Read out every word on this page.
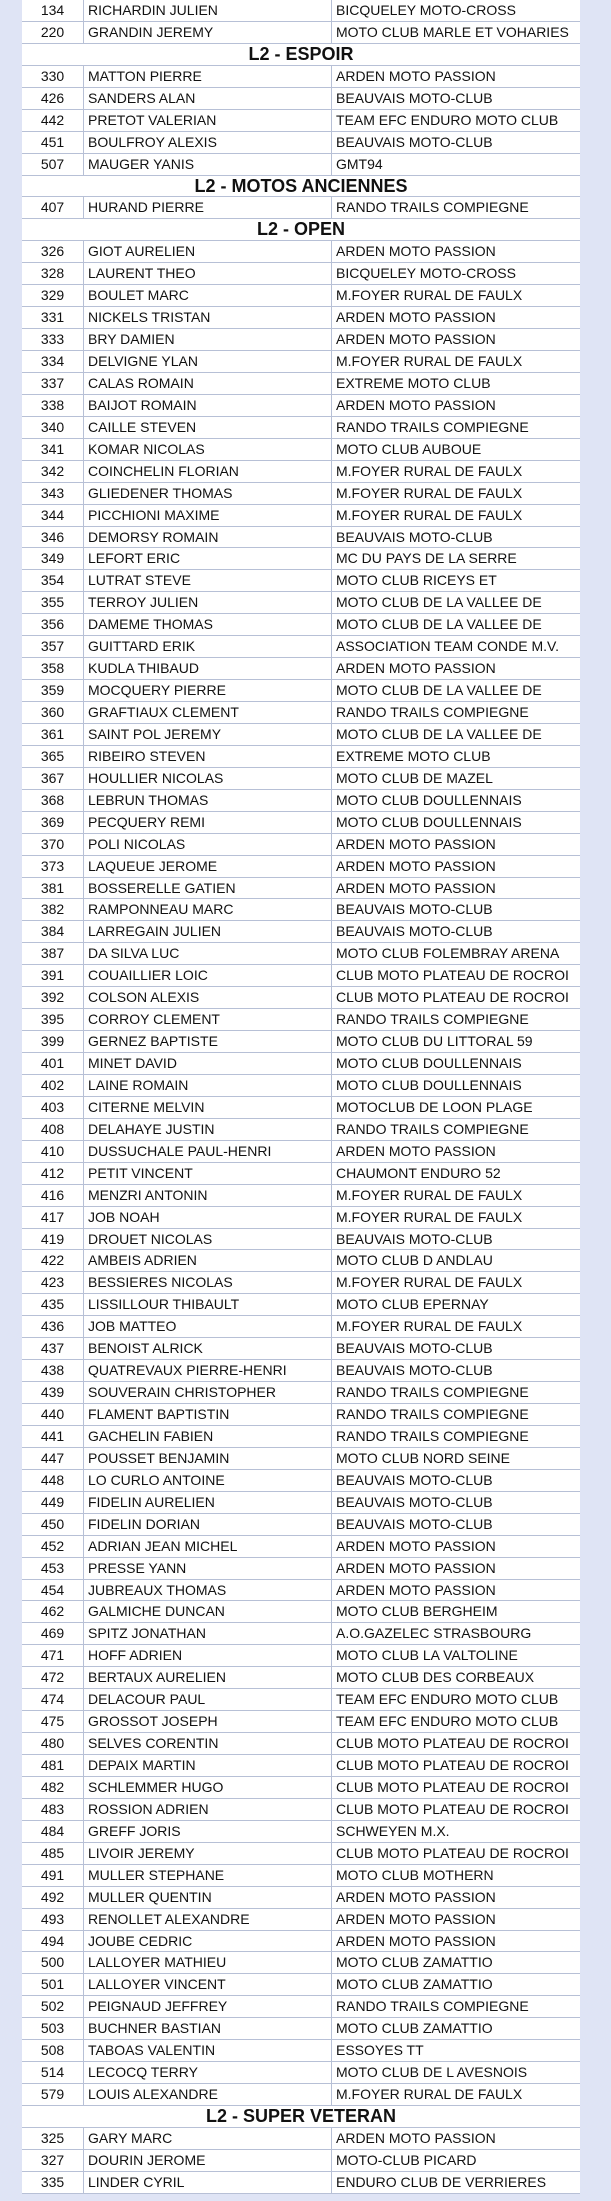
134	RICHARDIN JULIEN	BICQUELEY MOTO-CROSS
220	GRANDIN JEREMY	MOTO CLUB MARLE ET VOHARIES
L2 - ESPOIR
330	MATTON PIERRE	ARDEN MOTO PASSION
426	SANDERS ALAN	BEAUVAIS MOTO-CLUB
442	PRETOT VALERIAN	TEAM EFC ENDURO MOTO CLUB
451	BOULFROY ALEXIS	BEAUVAIS MOTO-CLUB
507	MAUGER YANIS	GMT94
L2 - MOTOS ANCIENNES
407	HURAND PIERRE	RANDO TRAILS COMPIEGNE
L2 - OPEN
326	GIOT AURELIEN	ARDEN MOTO PASSION
328	LAURENT THEO	BICQUELEY MOTO-CROSS
329	BOULET MARC	M.FOYER RURAL DE FAULX
331	NICKELS TRISTAN	ARDEN MOTO PASSION
333	BRY DAMIEN	ARDEN MOTO PASSION
334	DELVIGNE YLAN	M.FOYER RURAL DE FAULX
337	CALAS ROMAIN	EXTREME MOTO CLUB
338	BAIJOT ROMAIN	ARDEN MOTO PASSION
340	CAILLE STEVEN	RANDO TRAILS COMPIEGNE
341	KOMAR NICOLAS	MOTO CLUB AUBOUE
342	COINCHELIN FLORIAN	M.FOYER RURAL DE FAULX
343	GLIEDENER THOMAS	M.FOYER RURAL DE FAULX
344	PICCHIONI MAXIME	M.FOYER RURAL DE FAULX
346	DEMORSY ROMAIN	BEAUVAIS MOTO-CLUB
349	LEFORT ERIC	MC DU PAYS DE LA SERRE
354	LUTRAT STEVE	MOTO CLUB RICEYS ET
355	TERROY JULIEN	MOTO CLUB DE LA VALLEE DE
356	DAMEME THOMAS	MOTO CLUB DE LA VALLEE DE
357	GUITTARD ERIK	ASSOCIATION TEAM CONDE M.V.
358	KUDLA THIBAUD	ARDEN MOTO PASSION
359	MOCQUERY PIERRE	MOTO CLUB DE LA VALLEE DE
360	GRAFTIAUX CLEMENT	RANDO TRAILS COMPIEGNE
361	SAINT POL JEREMY	MOTO CLUB DE LA VALLEE DE
365	RIBEIRO STEVEN	EXTREME MOTO CLUB
367	HOULLIER NICOLAS	MOTO CLUB DE MAZEL
368	LEBRUN THOMAS	MOTO CLUB DOULLENNAIS
369	PECQUERY REMI	MOTO CLUB DOULLENNAIS
370	POLI NICOLAS	ARDEN MOTO PASSION
373	LAQUEUE JEROME	ARDEN MOTO PASSION
381	BOSSERELLE GATIEN	ARDEN MOTO PASSION
382	RAMPONNEAU MARC	BEAUVAIS MOTO-CLUB
384	LARREGAIN JULIEN	BEAUVAIS MOTO-CLUB
387	DA SILVA LUC	MOTO CLUB FOLEMBRAY ARENA
391	COUAILLIER LOIC	CLUB MOTO PLATEAU DE ROCROI
392	COLSON ALEXIS	CLUB MOTO PLATEAU DE ROCROI
395	CORROY CLEMENT	RANDO TRAILS COMPIEGNE
399	GERNEZ BAPTISTE	MOTO CLUB DU LITTORAL 59
401	MINET DAVID	MOTO CLUB DOULLENNAIS
402	LAINE ROMAIN	MOTO CLUB DOULLENNAIS
403	CITERNE MELVIN	MOTOCLUB DE LOON PLAGE
408	DELAHAYE JUSTIN	RANDO TRAILS COMPIEGNE
410	DUSSUCHALE PAUL-HENRI	ARDEN MOTO PASSION
412	PETIT VINCENT	CHAUMONT ENDURO 52
416	MENZRI ANTONIN	M.FOYER RURAL DE FAULX
417	JOB NOAH	M.FOYER RURAL DE FAULX
419	DROUET NICOLAS	BEAUVAIS MOTO-CLUB
422	AMBEIS ADRIEN	MOTO CLUB D ANDLAU
423	BESSIERES NICOLAS	M.FOYER RURAL DE FAULX
435	LISSILLOUR THIBAULT	MOTO CLUB EPERNAY
436	JOB MATTEO	M.FOYER RURAL DE FAULX
437	BENOIST ALRICK	BEAUVAIS MOTO-CLUB
438	QUATREVAUX PIERRE-HENRI	BEAUVAIS MOTO-CLUB
439	SOUVERAIN CHRISTOPHER	RANDO TRAILS COMPIEGNE
440	FLAMENT BAPTISTIN	RANDO TRAILS COMPIEGNE
441	GACHELIN FABIEN	RANDO TRAILS COMPIEGNE
447	POUSSET BENJAMIN	MOTO CLUB NORD SEINE
448	LO CURLO ANTOINE	BEAUVAIS MOTO-CLUB
449	FIDELIN AURELIEN	BEAUVAIS MOTO-CLUB
450	FIDELIN DORIAN	BEAUVAIS MOTO-CLUB
452	ADRIAN JEAN MICHEL	ARDEN MOTO PASSION
453	PRESSE YANN	ARDEN MOTO PASSION
454	JUBREAUX THOMAS	ARDEN MOTO PASSION
462	GALMICHE DUNCAN	MOTO CLUB BERGHEIM
469	SPITZ JONATHAN	A.O.GAZELEC STRASBOURG
471	HOFF ADRIEN	MOTO CLUB LA VALTOLINE
472	BERTAUX AURELIEN	MOTO CLUB DES CORBEAUX
474	DELACOUR PAUL	TEAM EFC ENDURO MOTO CLUB
475	GROSSOT JOSEPH	TEAM EFC ENDURO MOTO CLUB
480	SELVES CORENTIN	CLUB MOTO PLATEAU DE ROCROI
481	DEPAIX MARTIN	CLUB MOTO PLATEAU DE ROCROI
482	SCHLEMMER HUGO	CLUB MOTO PLATEAU DE ROCROI
483	ROSSION ADRIEN	CLUB MOTO PLATEAU DE ROCROI
484	GREFF JORIS	SCHWEYEN M.X.
485	LIVOIR JEREMY	CLUB MOTO PLATEAU DE ROCROI
491	MULLER STEPHANE	MOTO CLUB MOTHERN
492	MULLER QUENTIN	ARDEN MOTO PASSION
493	RENOLLET ALEXANDRE	ARDEN MOTO PASSION
494	JOUBE CEDRIC	ARDEN MOTO PASSION
500	LALLOYER MATHIEU	MOTO CLUB ZAMATTIO
501	LALLOYER VINCENT	MOTO CLUB ZAMATTIO
502	PEIGNAUD JEFFREY	RANDO TRAILS COMPIEGNE
503	BUCHNER BASTIAN	MOTO CLUB ZAMATTIO
508	TABOAS VALENTIN	ESSOYES TT
514	LECOCQ TERRY	MOTO CLUB DE L AVESNOIS
579	LOUIS ALEXANDRE	M.FOYER RURAL DE FAULX
L2 - SUPER VETERAN
325	GARY MARC	ARDEN MOTO PASSION
327	DOURIN JEROME	MOTO-CLUB PICARD
335	LINDER CYRIL	ENDURO CLUB DE VERRIERES
